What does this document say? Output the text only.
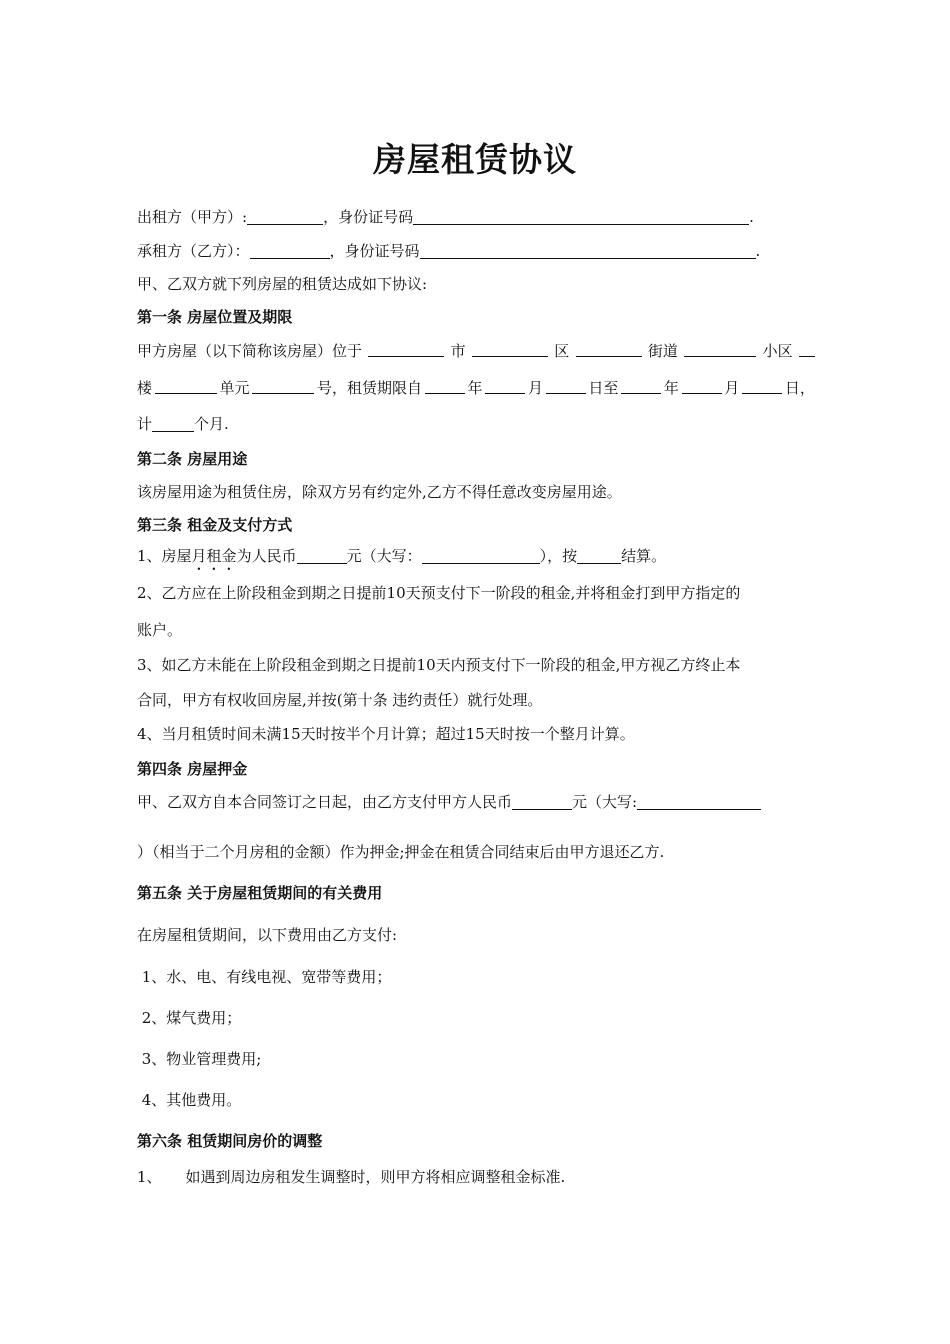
房屋租赁协议
出租方（甲方）:	，身份证号码	.
承租方（乙方）：	，身份证号码	.
甲、乙双方就下列房屋的租赁达成如下协议:
第一条 房屋位置及期限
甲方房屋（以下简称该房屋）位于	市	区	街道	小区
楼	单元	号，租赁期限自	年	月	日至	年	月	日，
计	个月.
第二条 房屋用途
该房屋用途为租赁住房，除双方另有约定外,乙方不得任意改变房屋用途。
第三条 租金及支付方式
1、房屋月租金为人民币	元（大写：	），按	结算。
2、乙方应在上阶段租金到期之日提前10天预支付下一阶段的租金,并将租金打到甲方指定的
账户。
3、如乙方未能在上阶段租金到期之日提前10天内预支付下一阶段的租金,甲方视乙方终止本
合同，甲方有权收回房屋,并按(第十条 违约责任）就行处理。
4、当月租赁时间未满15天时按半个月计算；超过15天时按一个整月计算。
第四条 房屋押金
甲、乙双方自本合同签订之日起，由乙方支付甲方人民币	元（大写:
）（相当于二个月房租的金额）作为押金;押金在租赁合同结束后由甲方退还乙方.
第五条 关于房屋租赁期间的有关费用
在房屋租赁期间，以下费用由乙方支付:
1、水、电、有线电视、宽带等费用；
2、煤气费用；
3、物业管理费用;
4、其他费用。
第六条 租赁期间房价的调整
1、 如遇到周边房租发生调整时，则甲方将相应调整租金标准.
